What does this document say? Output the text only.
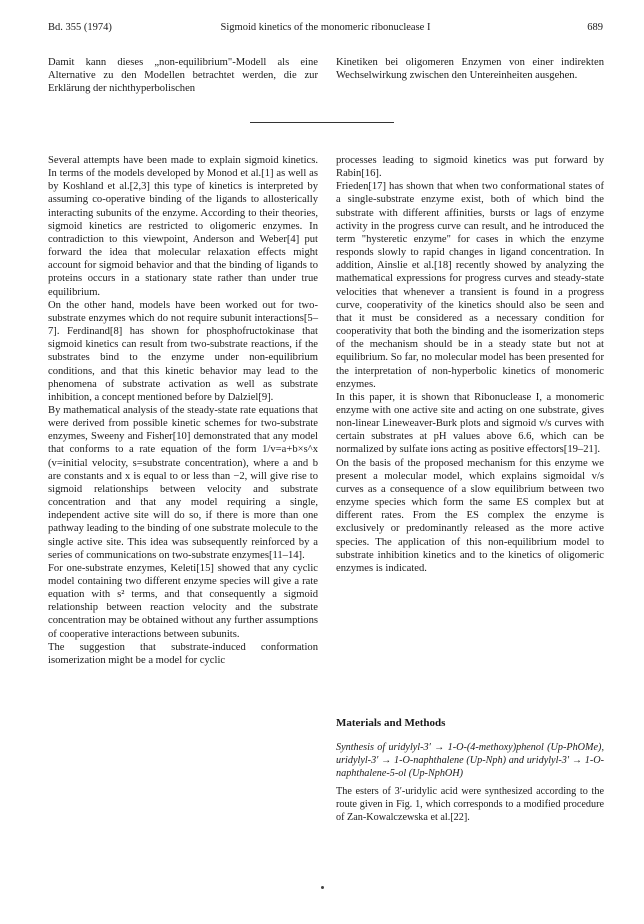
Bd. 355 (1974)	Sigmoid kinetics of the monomeric ribonuclease I	689

Damit kann dieses „non-equilibrium"-Modell als eine Alternative zu den Modellen betrachtet werden, die zur Erklärung der nichthyperbolischen

Kinetiken bei oligomeren Enzymen von einer indirekten Wechselwirkung zwischen den Untereinheiten ausgehen.

Several attempts have been made to explain sigmoid kinetics. In terms of the models developed by Monod et al.[1] as well as by Koshland et al.[2,3] this type of kinetics is interpreted by assuming co-operative binding of the ligands to allosterically interacting subunits of the enzyme. According to their theories, sigmoid kinetics are restricted to oligomeric enzymes. In contradiction to this viewpoint, Anderson and Weber[4] put forward the idea that molecular relaxation effects might account for sigmoid behavior and that the binding of ligands to proteins occurs in a stationary state rather than under true equilibrium.

On the other hand, models have been worked out for two-substrate enzymes which do not require subunit interactions[5–7]. Ferdinand[8] has shown for phosphofructokinase that sigmoid kinetics can result from two-substrate reactions, if the substrates bind to the enzyme under non-equilibrium conditions, and that this kinetic behavior may lead to the phenomena of substrate activation as well as substrate inhibition, a concept mentioned before by Dalziel[9].

By mathematical analysis of the steady-state rate equations that were derived from possible kinetic schemes for two-substrate enzymes, Sweeny and Fisher[10] demonstrated that any model that conforms to a rate equation of the form 1/v=a+b×s^x (v=initial velocity, s=substrate concentration), where a and b are constants and x is equal to or less than −2, will give rise to sigmoid relationships between velocity and substrate concentration and that any model requiring a single, independent active site will do so, if there is more than one pathway leading to the binding of one substrate molecule to the single active site. This idea was subsequently reinforced by a series of communications on two-substrate enzymes[11–14].

For one-substrate enzymes, Keleti[15] showed that any cyclic model containing two different enzyme species will give a rate equation with s² terms, and that consequently a sigmoid relationship between reaction velocity and the substrate concentration may be obtained without any further assumptions of cooperative interactions between subunits.

The suggestion that substrate-induced conformation isomerization might be a model for cyclic

processes leading to sigmoid kinetics was put forward by Rabin[16].

Frieden[17] has shown that when two conformational states of a single-substrate enzyme exist, both of which bind the substrate with different affinities, bursts or lags of enzyme activity in the progress curve can result, and he introduced the term "hysteretic enzyme" for cases in which the enzyme responds slowly to rapid changes in ligand concentration. In addition, Ainslie et al.[18] recently showed by analyzing the mathematical expressions for progress curves and steady-state velocities that whenever a transient is found in a progress curve, cooperativity of the kinetics should also be seen and that it must be considered as a necessary condition for cooperativity that both the binding and the isomerization steps of the mechanism should be in a steady state but not at equilibrium. So far, no molecular model has been presented for the interpretation of non-hyperbolic kinetics of monomeric enzymes.

In this paper, it is shown that Ribonuclease I, a monomeric enzyme with one active site and acting on one substrate, gives non-linear Lineweaver-Burk plots and sigmoid v/s curves with certain substrates at pH values above 6.6, which can be normalized by sulfate ions acting as positive effectors[19–21].

On the basis of the proposed mechanism for this enzyme we present a molecular model, which explains sigmoidal v/s curves as a consequence of a slow equilibrium between two enzyme species which form the same ES complex but at different rates. From the ES complex the enzyme is exclusively or predominantly released as the more active species. The application of this non-equilibrium model to substrate inhibition kinetics and to the kinetics of oligomeric enzymes is indicated.

Materials and Methods

Synthesis of uridylyl-3′ → 1-O-(4-methoxy)phenol (Up-PhOMe), uridylyl-3′ → 1-O-naphthalene (Up-Nph) and uridylyl-3′ → 1-O-naphthalene-5-ol (Up-NphOH)

The esters of 3′-uridylic acid were synthesized according to the route given in Fig. 1, which corresponds to a modified procedure of Zan-Kowalczewska et al.[22].
